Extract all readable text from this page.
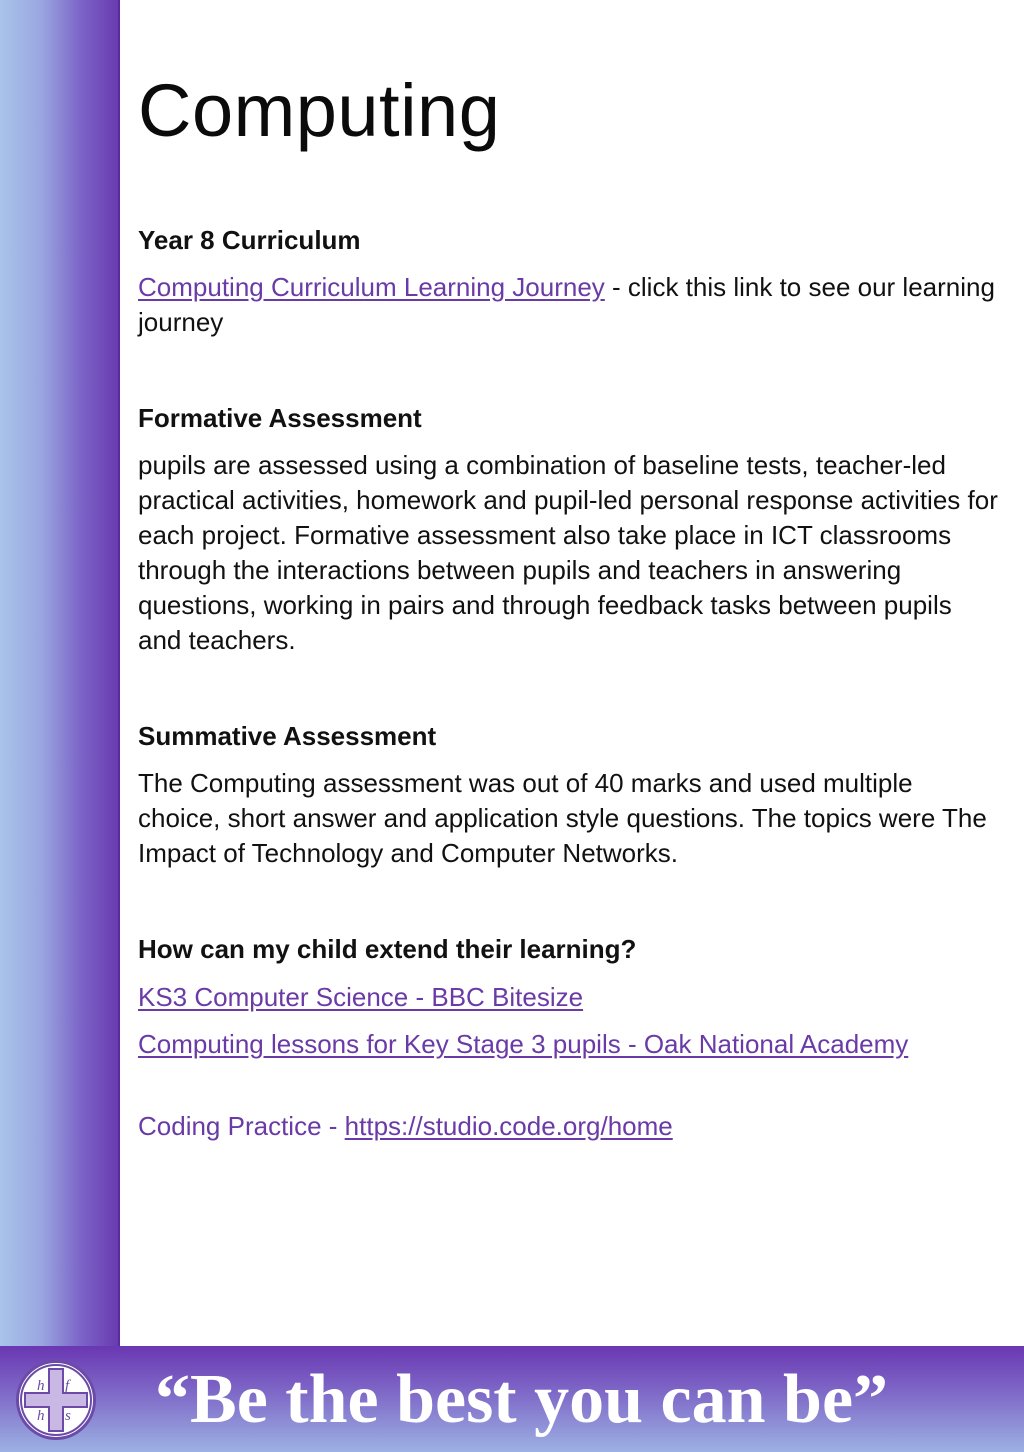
Computing
Year 8 Curriculum

Computing Curriculum Learning Journey - click this link to see our learning journey

Formative Assessment

pupils are assessed using a combination of baseline tests, teacher-led practical activities, homework and pupil-led personal response activities for each project. Formative assessment also take place in ICT classrooms through the interactions between pupils and teachers in answering questions, working in pairs and through feedback tasks between pupils and teachers.

Summative Assessment

The Computing assessment was out of 40 marks and used multiple choice, short answer and application style questions. The topics were The Impact of Technology and Computer Networks.

How can my child extend their learning?

KS3 Computer Science - BBC Bitesize

Computing lessons for Key Stage 3 pupils - Oak National Academy

Coding Practice - https://studio.code.org/home

h f
h s “Be the best you can be”
